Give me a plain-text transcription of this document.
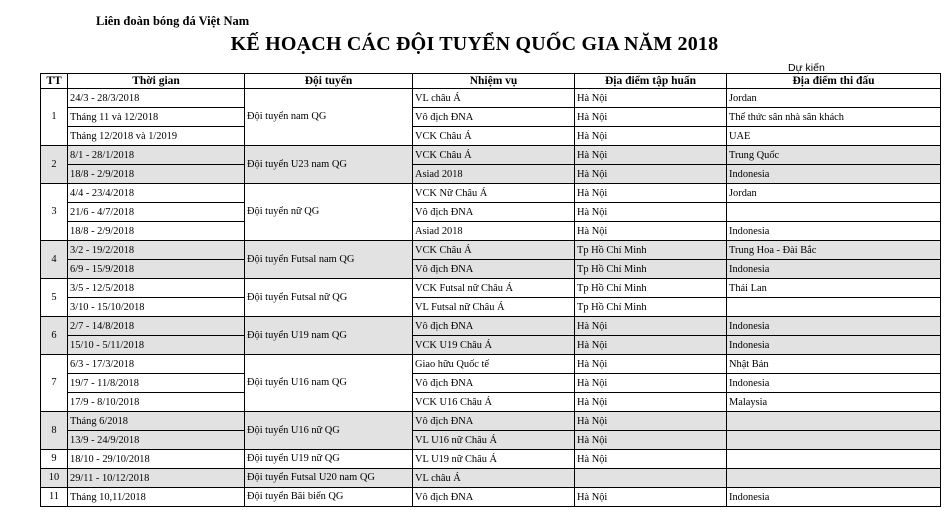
Liên đoàn bóng đá Việt Nam
KẾ HOẠCH CÁC ĐỘI TUYỂN QUỐC GIA NĂM 2018
Dự kiến
TT	Thời gian	Đội tuyển	Nhiệm vụ	Địa điểm tập huấn	Địa điểm thi đấu
1	24/3 - 28/3/2018	Đội tuyển nam QG	VL châu Á	Hà Nội	Jordan
	Tháng 11 và 12/2018		Vô địch ĐNA	Hà Nội	Thể thức sân nhà sân khách
	Tháng 12/2018 và 1/2019		VCK Châu Á	Hà Nội	UAE
2	8/1 - 28/1/2018	Đội tuyển U23 nam QG	VCK Châu Á	Hà Nội	Trung Quốc
	18/8 - 2/9/2018		Asiad 2018	Hà Nội	Indonesia
3	4/4 - 23/4/2018	Đội tuyển nữ QG	VCK Nữ Châu Á	Hà Nội	Jordan
	21/6 - 4/7/2018		Vô địch ĐNA	Hà Nội	
	18/8 - 2/9/2018		Asiad 2018	Hà Nội	Indonesia
4	3/2 - 19/2/2018	Đội tuyển Futsal nam QG	VCK Châu Á	Tp Hồ Chí Minh	Trung Hoa - Đài Bắc
	6/9 - 15/9/2018		Vô địch ĐNA	Tp Hồ Chí Minh	Indonesia
5	3/5 - 12/5/2018	Đội tuyển Futsal nữ QG	VCK Futsal nữ Châu Á	Tp Hồ Chí Minh	Thái Lan
	3/10 - 15/10/2018		VL Futsal nữ Châu Á	Tp Hồ Chí Minh	
6	2/7 - 14/8/2018	Đội tuyển U19 nam QG	Vô địch ĐNA	Hà Nội	Indonesia
	15/10 - 5/11/2018		VCK U19 Châu Á	Hà Nội	Indonesia
7	6/3 - 17/3/2018	Đội tuyển U16 nam QG	Giao hữu Quốc tế	Hà Nội	Nhật Bản
	19/7 - 11/8/2018		Vô địch ĐNA	Hà Nội	Indonesia
	17/9 - 8/10/2018		VCK U16 Châu Á	Hà Nội	Malaysia
8	Tháng 6/2018	Đội tuyển U16 nữ QG	Vô địch ĐNA	Hà Nội	
	13/9 - 24/9/2018		VL U16 nữ Châu Á	Hà Nội	
9	18/10 - 29/10/2018	Đội tuyển U19 nữ QG	VL U19 nữ Châu Á	Hà Nội	
10	29/11 - 10/12/2018	Đội tuyển Futsal U20 nam QG	VL châu Á		
11	Tháng 10,11/2018	Đội tuyển Bãi biển QG	Vô địch ĐNA	Hà Nội	Indonesia
